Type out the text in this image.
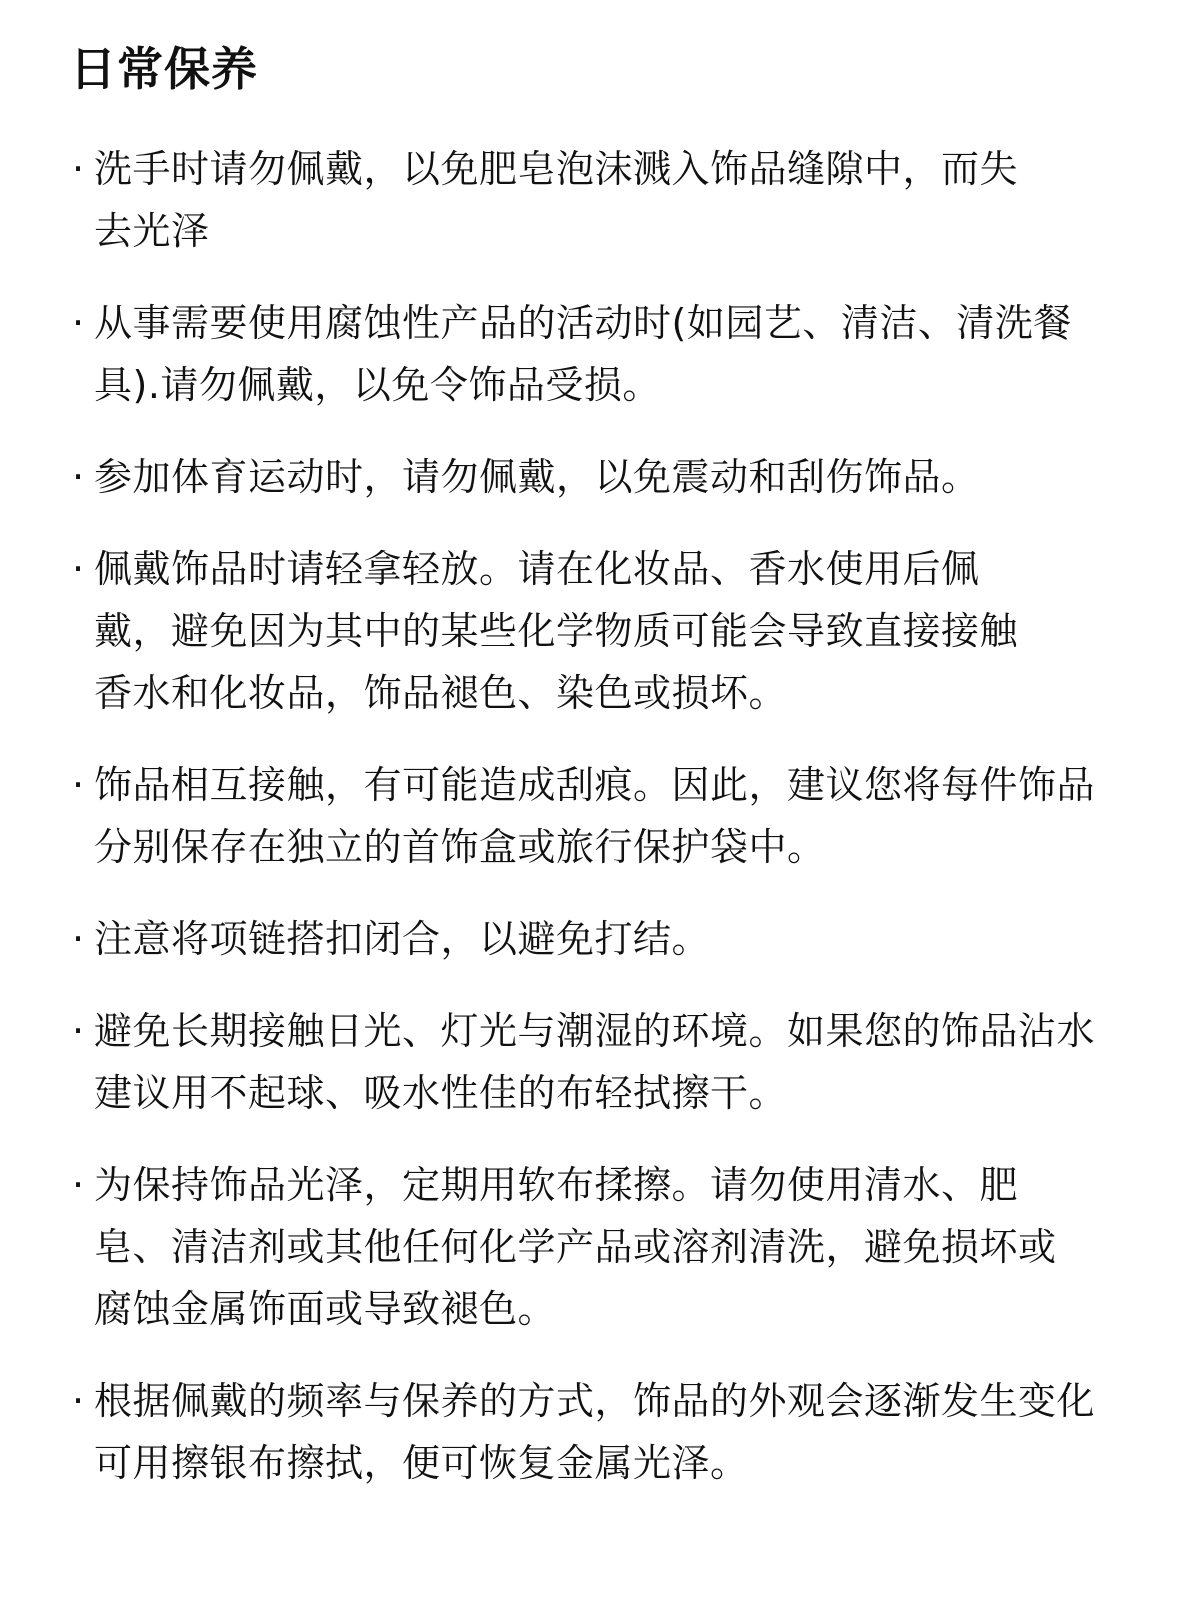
日常保养
· 洗手时请勿佩戴，以免肥皂泡沫溅入饰品缝隙中，而失去光泽
· 从事需要使用腐蚀性产品的活动时(如园艺、清洁、清洗餐具).请勿佩戴，以免令饰品受损。
· 参加体育运动时，请勿佩戴，以免震动和刮伤饰品。
· 佩戴饰品时请轻拿轻放。请在化妆品、香水使用后佩戴，避免因为其中的某些化学物质可能会导致直接接触香水和化妆品，饰品褪色、染色或损坏。
· 饰品相互接触，有可能造成刮痕。因此，建议您将每件饰品分别保存在独立的首饰盒或旅行保护袋中。
· 注意将项链搭扣闭合，以避免打结。
· 避免长期接触日光、灯光与潮湿的环境。如果您的饰品沾水建议用不起球、吸水性佳的布轻拭擦干。
· 为保持饰品光泽，定期用软布揉擦。请勿使用清水、肥皂、清洁剂或其他任何化学产品或溶剂清洗，避免损坏或腐蚀金属饰面或导致褪色。
· 根据佩戴的频率与保养的方式，饰品的外观会逐渐发生变化可用擦银布擦拭，便可恢复金属光泽。
